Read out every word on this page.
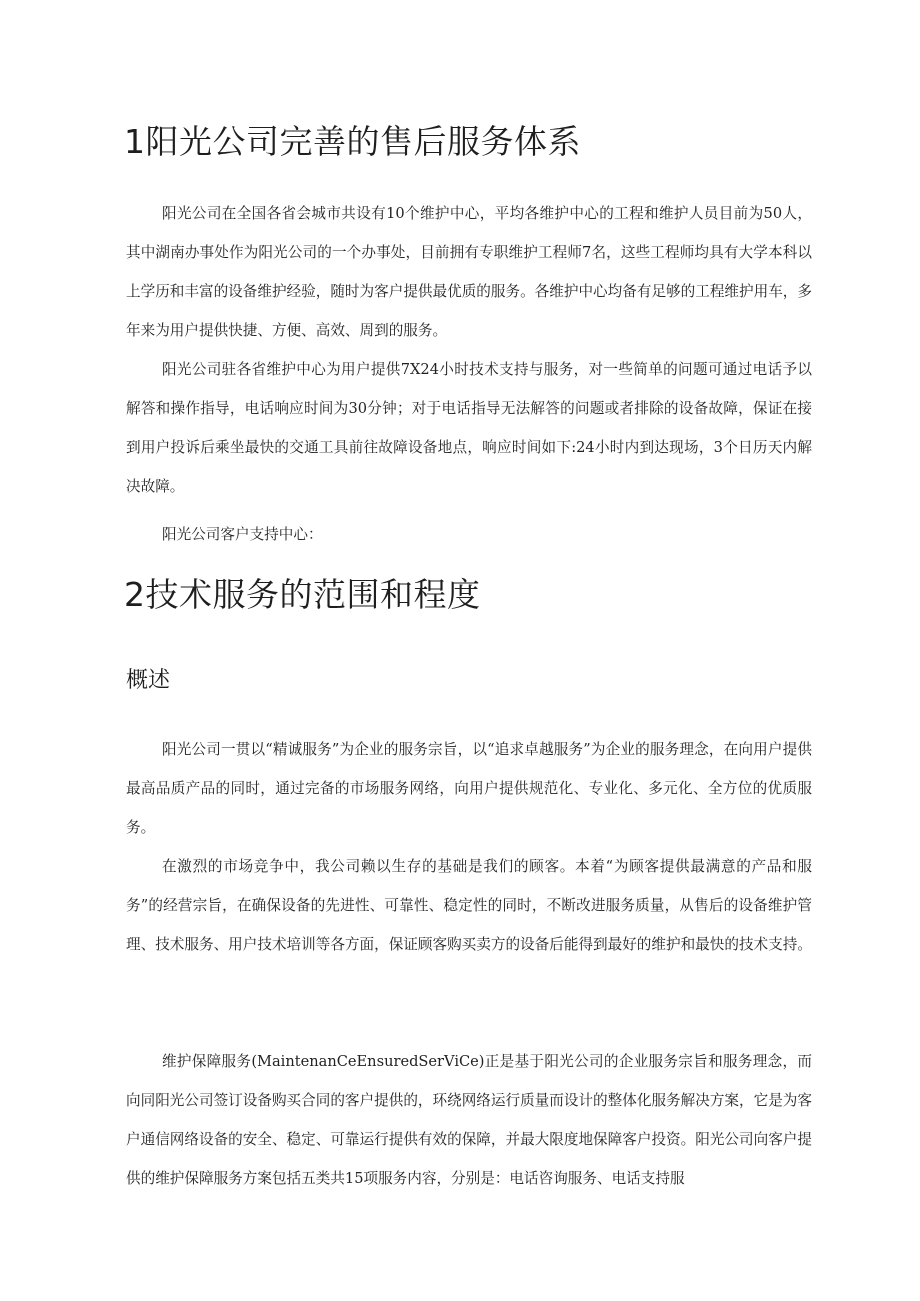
1阳光公司完善的售后服务体系

阳光公司在全国各省会城市共设有10个维护中心，平均各维护中心的工程和维护人员目前为50人，其中湖南办事处作为阳光公司的一个办事处，目前拥有专职维护工程师7名，这些工程师均具有大学本科以上学历和丰富的设备维护经验，随时为客户提供最优质的服务。各维护中心均备有足够的工程维护用车，多年来为用户提供快捷、方便、高效、周到的服务。

阳光公司驻各省维护中心为用户提供7X24小时技术支持与服务，对一些简单的问题可通过电话予以解答和操作指导，电话响应时间为30分钟；对于电话指导无法解答的问题或者排除的设备故障，保证在接到用户投诉后乘坐最快的交通工具前往故障设备地点，响应时间如下:24小时内到达现场，3个日历天内解决故障。

阳光公司客户支持中心：

2技术服务的范围和程度
概述

阳光公司一贯以“精诚服务”为企业的服务宗旨，以“追求卓越服务”为企业的服务理念，在向用户提供最高品质产品的同时，通过完备的市场服务网络，向用户提供规范化、专业化、多元化、全方位的优质服务。

在激烈的市场竞争中，我公司赖以生存的基础是我们的顾客。本着“为顾客提供最满意的产品和服务”的经营宗旨，在确保设备的先进性、可靠性、稳定性的同时，不断改进服务质量，从售后的设备维护管理、技术服务、用户技术培训等各方面，保证顾客购买卖方的设备后能得到最好的维护和最快的技术支持。

维护保障服务(MaintenanCeEnsuredSerViCe)正是基于阳光公司的企业服务宗旨和服务理念，而向同阳光公司签订设备购买合同的客户提供的，环绕网络运行质量而设计的整体化服务解决方案，它是为客户通信网络设备的安全、稳定、可靠运行提供有效的保障，并最大限度地保障客户投资。阳光公司向客户提供的维护保障服务方案包括五类共15项服务内容，分别是：电话咨询服务、电话支持服
